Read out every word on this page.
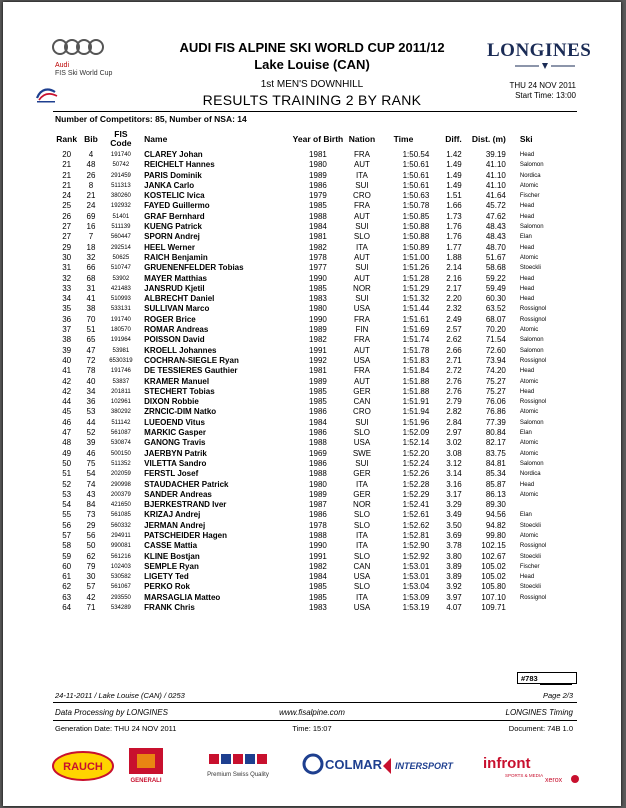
Audi
FIS Ski World Cup
AUDI FIS ALPINE SKI WORLD CUP 2011/12
Lake Louise (CAN)
LONGINES
1st MEN'S DOWNHILL
RESULTS TRAINING 2 BY RANK
THU 24 NOV 2011
Start Time: 13:00
Number of Competitors: 85, Number of NSA: 14
Rank	Bib	FIS
Code	Name	Year of Birth	Nation	Time	Diff.	Dist. (m)	Ski
20	4	191740	CLAREY Johan	1981	FRA	1:50.54	1.42	39.19	Head
21	48	50742	REICHELT Hannes	1980	AUT	1:50.61	1.49	41.10	Salomon
21	26	291459	PARIS Dominik	1989	ITA	1:50.61	1.49	41.10	Nordica
21	8	511313	JANKA Carlo	1986	SUI	1:50.61	1.49	41.10	Atomic
24	21	380260	KOSTELIC Ivica	1979	CRO	1:50.63	1.51	41.64	Fischer
25	24	192932	FAYED Guillermo	1985	FRA	1:50.78	1.66	45.72	Head
26	69	51401	GRAF Bernhard	1988	AUT	1:50.85	1.73	47.62	Head
27	16	511139	KUENG Patrick	1984	SUI	1:50.88	1.76	48.43	Salomon
27	7	560447	SPORN Andrej	1981	SLO	1:50.88	1.76	48.43	Elan
29	18	292514	HEEL Werner	1982	ITA	1:50.89	1.77	48.70	Head
30	32	50625	RAICH Benjamin	1978	AUT	1:51.00	1.88	51.67	Atomic
31	66	510747	GRUENENFELDER Tobias	1977	SUI	1:51.26	2.14	58.68	Stoeckli
32	68	53902	MAYER Matthias	1990	AUT	1:51.28	2.16	59.22	Head
33	31	421483	JANSRUD Kjetil	1985	NOR	1:51.29	2.17	59.49	Head
34	41	510993	ALBRECHT Daniel	1983	SUI	1:51.32	2.20	60.30	Head
35	38	533131	SULLIVAN Marco	1980	USA	1:51.44	2.32	63.52	Rossignol
36	70	191740	ROGER Brice	1990	FRA	1:51.61	2.49	68.07	Rossignol
37	51	180570	ROMAR Andreas	1989	FIN	1:51.69	2.57	70.20	Atomic
38	65	191964	POISSON David	1982	FRA	1:51.74	2.62	71.54	Salomon
39	47	53981	KROELL Johannes	1991	AUT	1:51.78	2.66	72.60	Salomon
40	72	6530319	COCHRAN-SIEGLE Ryan	1992	USA	1:51.83	2.71	73.94	Rossignol
41	78	191746	DE TESSIERES Gauthier	1981	FRA	1:51.84	2.72	74.20	Head
42	40	53837	KRAMER Manuel	1989	AUT	1:51.88	2.76	75.27	Atomic
42	34	201811	STECHERT Tobias	1985	GER	1:51.88	2.76	75.27	Head
44	36	102961	DIXON Robbie	1985	CAN	1:51.91	2.79	76.06	Rossignol
45	53	380292	ZRNCIC-DIM Natko	1986	CRO	1:51.94	2.82	76.86	Atomic
46	44	511142	LUEOEND Vitus	1984	SUI	1:51.96	2.84	77.39	Salomon
47	52	561087	MARKIC Gasper	1986	SLO	1:52.09	2.97	80.84	Elan
48	39	530874	GANONG Travis	1988	USA	1:52.14	3.02	82.17	Atomic
49	46	500150	JAERBYN Patrik	1969	SWE	1:52.20	3.08	83.75	Atomic
50	75	511352	VILETTA Sandro	1986	SUI	1:52.24	3.12	84.81	Salomon
51	54	202059	FERSTL Josef	1988	GER	1:52.26	3.14	85.34	Nordica
52	74	290998	STAUDACHER Patrick	1980	ITA	1:52.28	3.16	85.87	Head
53	43	200379	SANDER Andreas	1989	GER	1:52.29	3.17	86.13	Atomic
54	84	421650	BJERKESTRAND Iver	1987	NOR	1:52.41	3.29	89.30	
55	73	561085	KRIZAJ Andrej	1986	SLO	1:52.61	3.49	94.56	Elan
56	29	560332	JERMAN Andrej	1978	SLO	1:52.62	3.50	94.82	Stoeckli
57	56	294911	PATSCHEIDER Hagen	1988	ITA	1:52.81	3.69	99.80	Atomic
58	50	990081	CASSE Mattia	1990	ITA	1:52.90	3.78	102.15	Rossignol
59	62	561216	KLINE Bostjan	1991	SLO	1:52.92	3.80	102.67	Stoeckli
60	79	102403	SEMPLE Ryan	1982	CAN	1:53.01	3.89	105.02	Fischer
61	30	530582	LIGETY Ted	1984	USA	1:53.01	3.89	105.02	Head
62	57	561067	PERKO Rok	1985	SLO	1:53.04	3.92	105.80	Stoeckli
63	42	293550	MARSAGLIA Matteo	1985	ITA	1:53.09	3.97	107.10	Rossignol
64	71	534289	FRANK Chris	1983	USA	1:53.19	4.07	109.71	
#783
24-11-2011 / Lake Louise (CAN) / 0253	Page 2/3
Data Processing by LONGINES	www.fisalpine.com	LONGINES Timing
Generation Date: THU 24 NOV 2011	Time: 15:07	Document: 74B 1.0
RAUCH
GENERALI
Premium Swiss Quality
COLMAR INTERSPORT infront
SPORTS & MEDIA
xerox
